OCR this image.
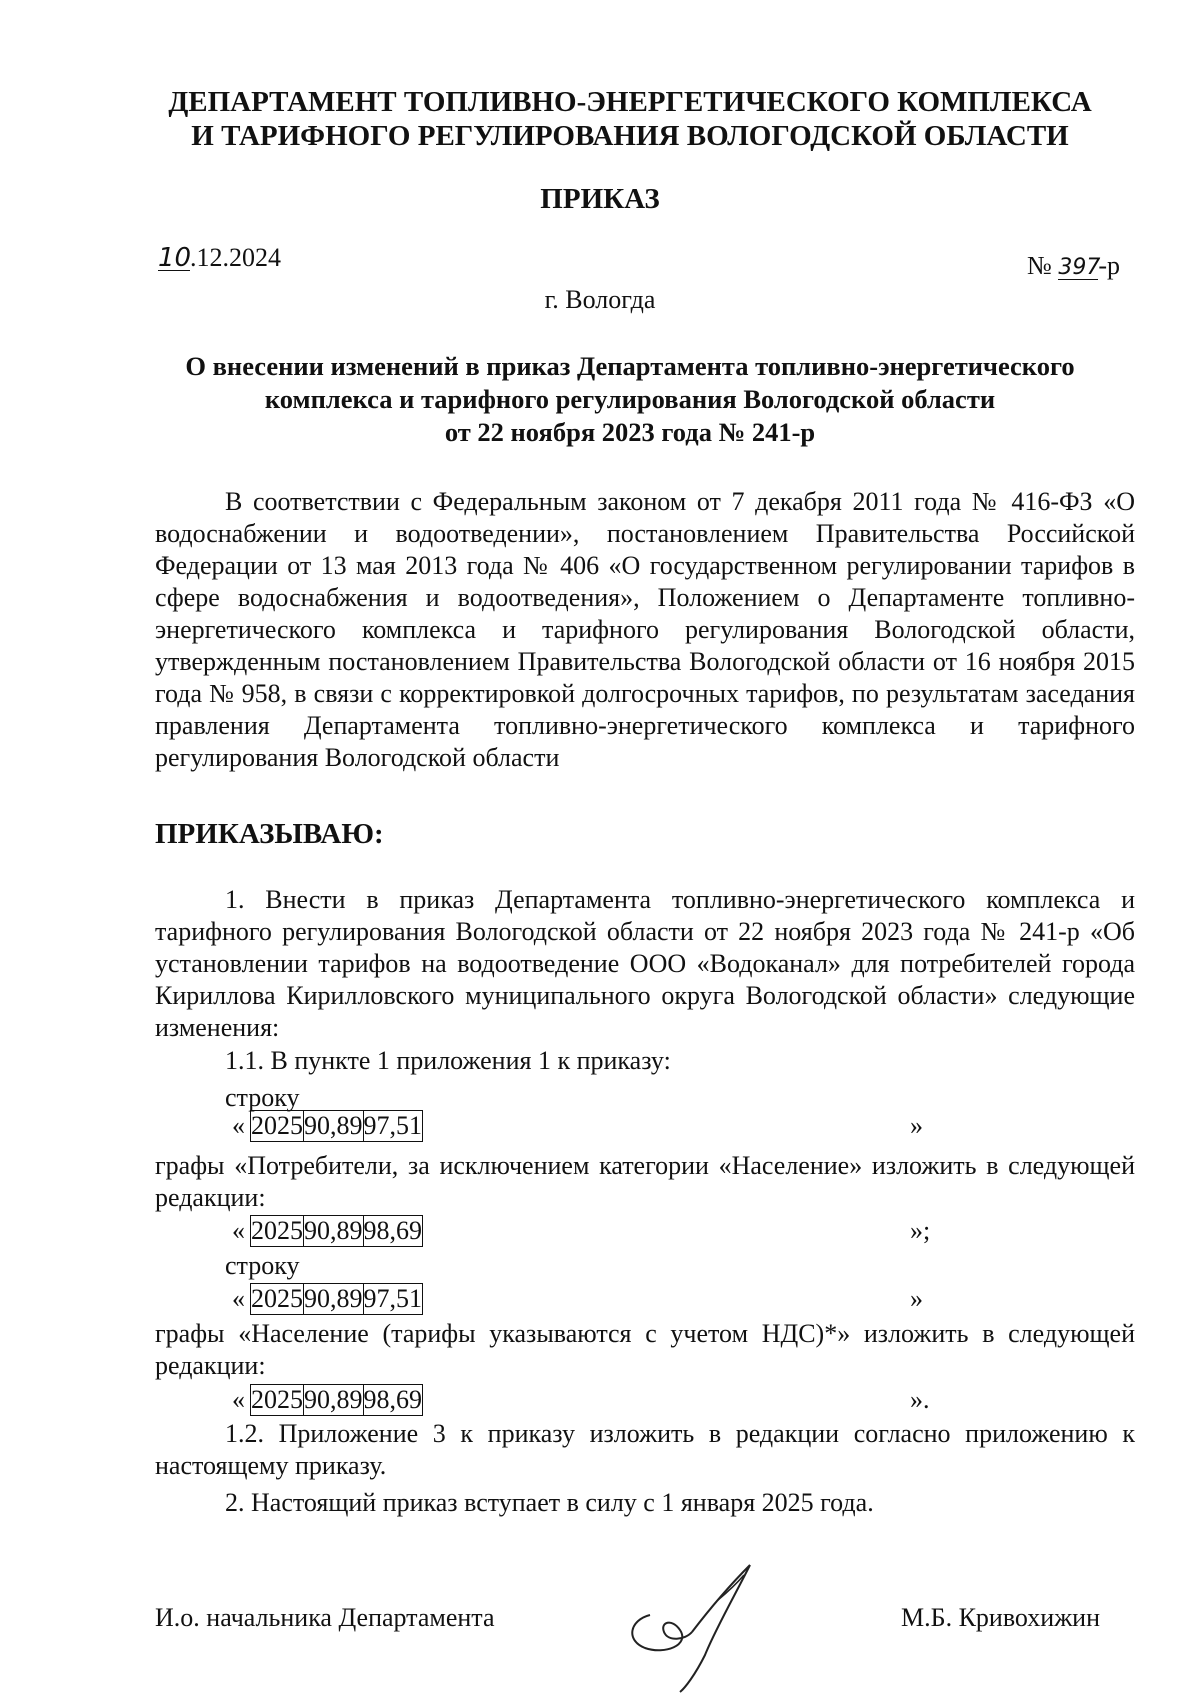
ДЕПАРТАМЕНТ ТОПЛИВНО-ЭНЕРГЕТИЧЕСКОГО КОМПЛЕКСА
И ТАРИФНОГО РЕГУЛИРОВАНИЯ ВОЛОГОДСКОЙ ОБЛАСТИ
ПРИКАЗ
10.12.2024	№ 397-р
г. Вологда
О внесении изменений в приказ Департамента топливно-энергетического
комплекса и тарифного регулирования Вологодской области
от 22 ноября 2023 года № 241-р
В соответствии с Федеральным законом от 7 декабря 2011 года № 416-ФЗ «О водоснабжении и водоотведении», постановлением Правительства Российской Федерации от 13 мая 2013 года № 406 «О государственном регулировании тарифов в сфере водоснабжения и водоотведения», Положением о Департаменте топливно-энергетического комплекса и тарифного регулирования Вологодской области, утвержденным постановлением Правительства Вологодской области от 16 ноября 2015 года № 958, в связи с корректировкой долгосрочных тарифов, по результатам заседания правления Департамента топливно-энергетического комплекса и тарифного регулирования Вологодской области
ПРИКАЗЫВАЮ:
1. Внести в приказ Департамента топливно-энергетического комплекса и тарифного регулирования Вологодской области от 22 ноября 2023 года № 241-р «Об установлении тарифов на водоотведение ООО «Водоканал» для потребителей города Кириллова Кирилловского муниципального округа Вологодской области» следующие изменения:
1.1. В пункте 1 приложения 1 к приказу:
строку
« 2025	90,89	97,51	»
графы «Потребители, за исключением категории «Население» изложить в следующей редакции:
« 2025	90,89	98,69	»;
строку
« 2025	90,89	97,51	»
графы «Население (тарифы указываются с учетом НДС)*» изложить в следующей редакции:
« 2025	90,89	98,69	».
1.2. Приложение 3 к приказу изложить в редакции согласно приложению к настоящему приказу.
2. Настоящий приказ вступает в силу с 1 января 2025 года.
И.о. начальника Департамента	М.Б. Кривохижин
